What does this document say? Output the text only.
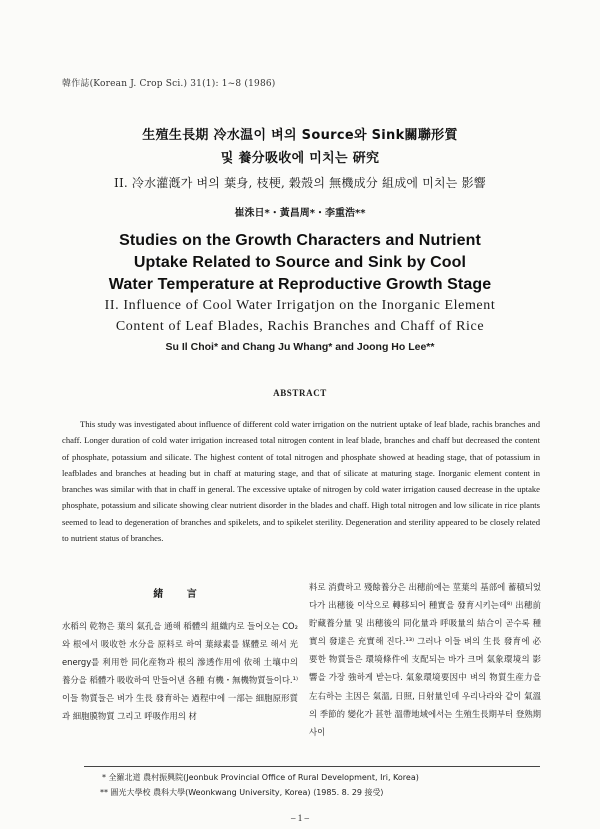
韓作誌(Korean J. Crop Sci.) 31(1): 1~8 (1986)
生殖生長期 冷水温이 벼의 Source와 Sink關聯形質
및 養分吸收에 미치는 硏究
II. 冷水灌漑가 벼의 葉身, 枝梗, 穀殼의 無機成分 組成에 미치는 影響
崔洙日*・黃昌周*・李重浩**
Studies on the Growth Characters and Nutrient
Uptake Related to Source and Sink by Cool
Water Temperature at Reproductive Growth Stage
II. Influence of Cool Water Irrigatjon on the Inorganic Element
Content of Leaf Blades, Rachis Branches and Chaff of Rice
Su Il Choi* and Chang Ju Whang* and Joong Ho Lee**
ABSTRACT
This study was investigated about influence of different cold water irrigation on the nutrient uptake of leaf blade, rachis branches and chaff. Longer duration of cold water irrigation increased total nitrogen content in leaf blade, branches and chaff but decreased the content of phosphate, potassium and silicate. The highest content of total nitrogen and phosphate showed at heading stage, that of potassium in leafblades and branches at heading but in chaff at maturing stage, and that of silicate at maturing stage. Inorganic element content in branches was similar with that in chaff in general. The excessive uptake of nitrogen by cold water irrigation caused decrease in the uptake phosphate, potassium and silicate showing clear nutrient disorder in the blades and chaff. High total nitrogen and low silicate in rice plants seemed to lead to degeneration of branches and spikelets, and to spikelet sterility. Degeneration and sterility appeared to be closely related to nutrient status of branches.
緒 言
水稻의 乾物은 葉의 氣孔을 通해 稻體의 組織内로 들어오는 CO₂와 根에서 吸收한 水分을 原料로 하여 葉緑素를 媒體로 해서 光 energy를 利用한 同化産物과 根의 滲透作用에 依해 土壤中의 養分을 稻體가 吸收하여 만들어낸 各種 有機・無機物質들이다.¹⁾ 이들 物質들은 벼가 生長 發育하는 過程中에 一部는 細胞原形質과 細胞膜物質 그리고 呼吸作用의 材
料로 消費하고 殘餘養分은 出穗前에는 莖葉의 基部에 蓄積되었다가 出穗後 이삭으로 轉移되어 種實을 發育시키는데⁸⁾ 出穗前 貯藏養分量 및 出穗後의 同化量과 呼吸量의 結合이 곧수록 種實의 發達은 充實해 진다.¹³⁾ 그러나 이들 벼의 生長 發育에 必要한 物質들은 環境條件에 支配되는 바가 크며 氣象環境의 影響을 가장 強하게 받는다. 氣象環境要因中 벼의 物質生産力을 左右하는 主因은 氣溫, 日照, 日射量인데 우리나라와 같이 氣溫의 季節的 變化가 甚한 溫帶地域에서는 生殖生長期부터 登熟期 사이
* 全羅北道 農村振興院(Jeonbuk Provincial Office of Rural Development, Iri, Korea)
** 圓光大學校 農科大學(Weonkwang University, Korea) ⟨1985. 8. 29 接受⟩
– 1 –
